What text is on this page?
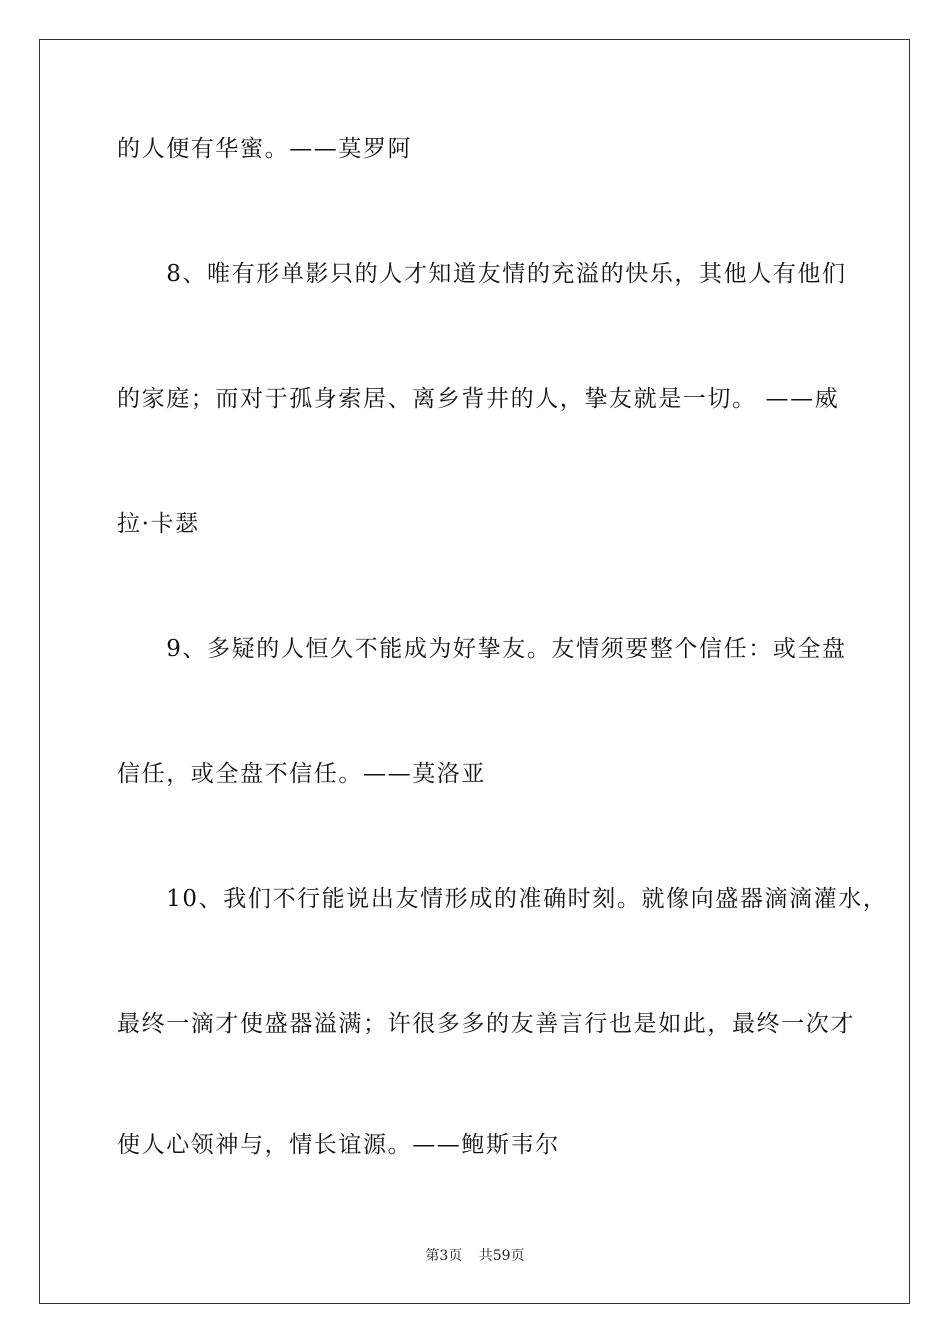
的人便有华蜜。——莫罗阿
　　8、唯有形单影只的人才知道友情的充溢的快乐，其他人有他们
的家庭；而对于孤身索居、离乡背井的人，挚友就是一切。 ——威
拉·卡瑟
　　9、多疑的人恒久不能成为好挚友。友情须要整个信任：或全盘
信任，或全盘不信任。——莫洛亚
　　10、我们不行能说出友情形成的准确时刻。就像向盛器滴滴灌水，
最终一滴才使盛器溢满；许很多多的友善言行也是如此，最终一次才
使人心领神与，情长谊源。——鲍斯韦尔
第3页 共59页
